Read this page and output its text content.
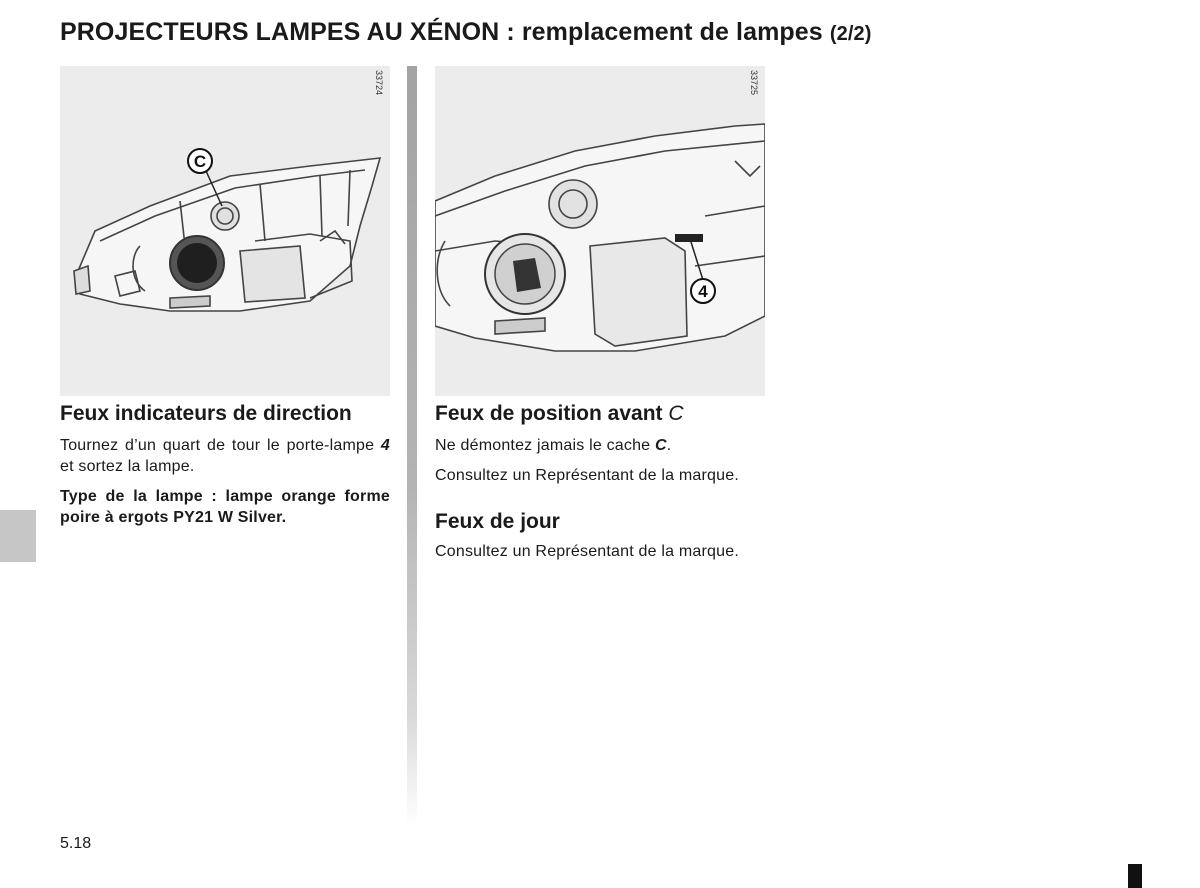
PROJECTEURS LAMPES AU XÉNON : remplacement de lampes (2/2)
C
33724
4
33725
Feux indicateurs de direction

Tournez d’un quart de tour le porte-lampe 4 et sortez la lampe.

Type de la lampe : lampe orange forme poire à ergots PY21 W Silver.

Feux de position avant C

Ne démontez jamais le cache C.

Consultez un Représentant de la marque.

Feux de jour

Consultez un Représentant de la marque.

5.18
